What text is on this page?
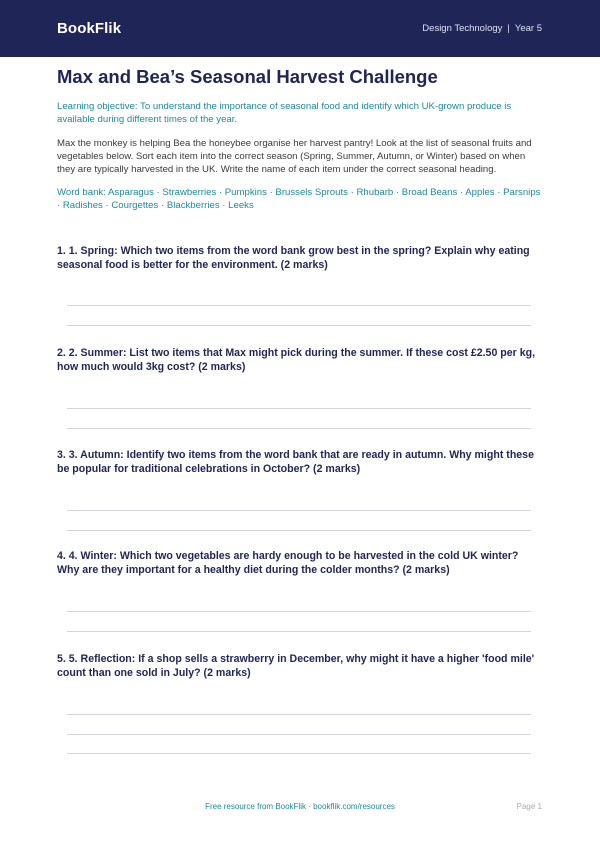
BookFlik	Design Technology | Year 5
Max and Bea’s Seasonal Harvest Challenge
Learning objective: To understand the importance of seasonal food and identify which UK-grown produce is available during different times of the year.
Max the monkey is helping Bea the honeybee organise her harvest pantry! Look at the list of seasonal fruits and vegetables below. Sort each item into the correct season (Spring, Summer, Autumn, or Winter) based on when they are typically harvested in the UK. Write the name of each item under the correct seasonal heading.
Word bank: Asparagus · Strawberries · Pumpkins · Brussels Sprouts · Rhubarb · Broad Beans · Apples · Parsnips · Radishes · Courgettes · Blackberries · Leeks
1. 1. Spring: Which two items from the word bank grow best in the spring? Explain why eating seasonal food is better for the environment. (2 marks)
2. 2. Summer: List two items that Max might pick during the summer. If these cost £2.50 per kg, how much would 3kg cost? (2 marks)
3. 3. Autumn: Identify two items from the word bank that are ready in autumn. Why might these be popular for traditional celebrations in October? (2 marks)
4. 4. Winter: Which two vegetables are hardy enough to be harvested in the cold UK winter? Why are they important for a healthy diet during the colder months? (2 marks)
5. 5. Reflection: If a shop sells a strawberry in December, why might it have a higher 'food mile' count than one sold in July? (2 marks)
Free resource from BookFlik · bookflik.com/resources	Page 1
